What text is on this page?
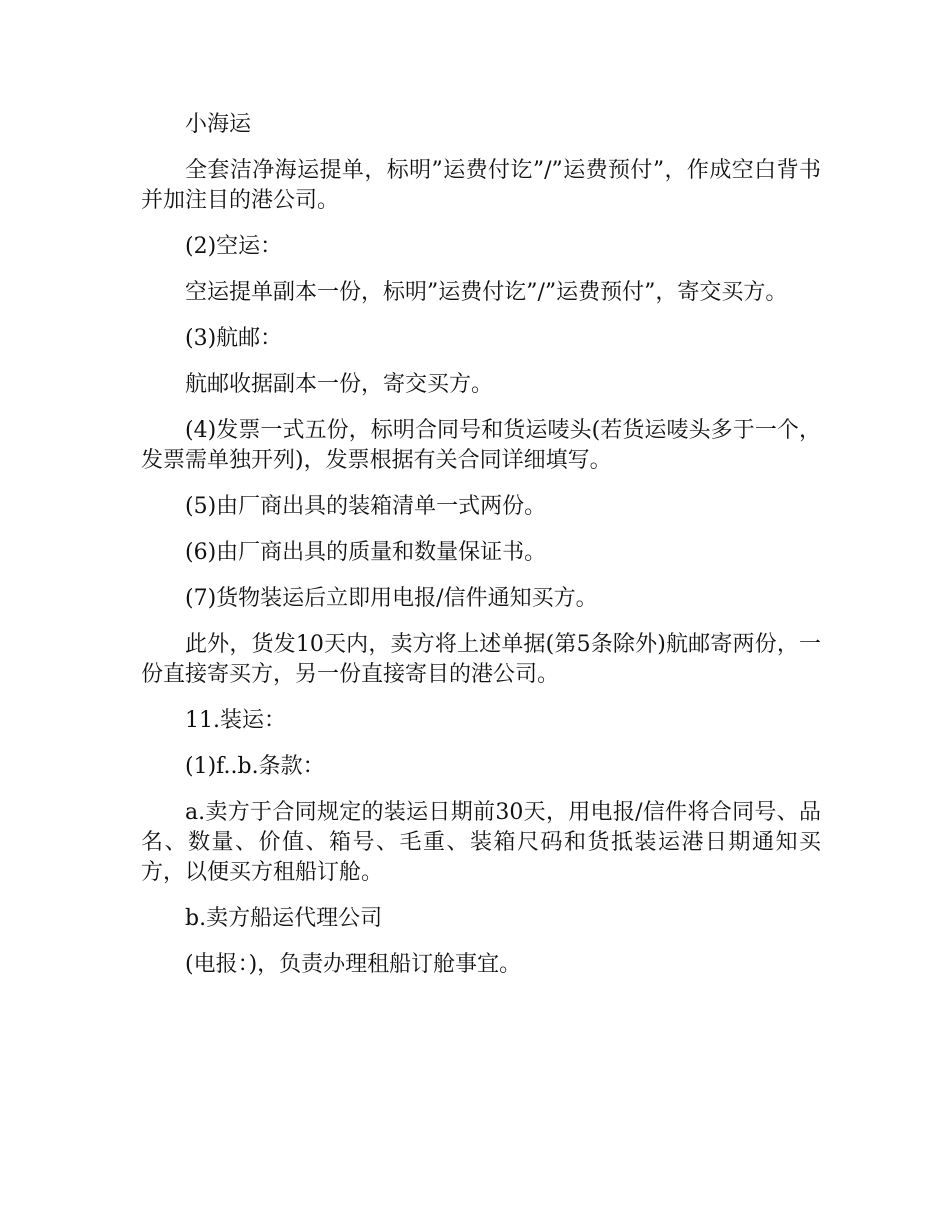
小海运

全套洁净海运提单，标明”运费付讫”/”运费预付”，作成空白背书并加注目的港公司。

(2)空运：

空运提单副本一份，标明”运费付讫”/”运费预付”，寄交买方。

(3)航邮：

航邮收据副本一份，寄交买方。

(4)发票一式五份，标明合同号和货运唛头(若货运唛头多于一个，发票需单独开列)，发票根据有关合同详细填写。

(5)由厂商出具的装箱清单一式两份。

(6)由厂商出具的质量和数量保证书。

(7)货物装运后立即用电报/信件通知买方。

此外，货发10天内，卖方将上述单据(第5条除外)航邮寄两份，一份直接寄买方，另一份直接寄目的港公司。

11.装运：

(1)f..b.条款：

a.卖方于合同规定的装运日期前30天，用电报/信件将合同号、品名、数量、价值、箱号、毛重、装箱尺码和货抵装运港日期通知买方，以便买方租船订舱。

b.卖方船运代理公司

(电报：)，负责办理租船订舱事宜。
